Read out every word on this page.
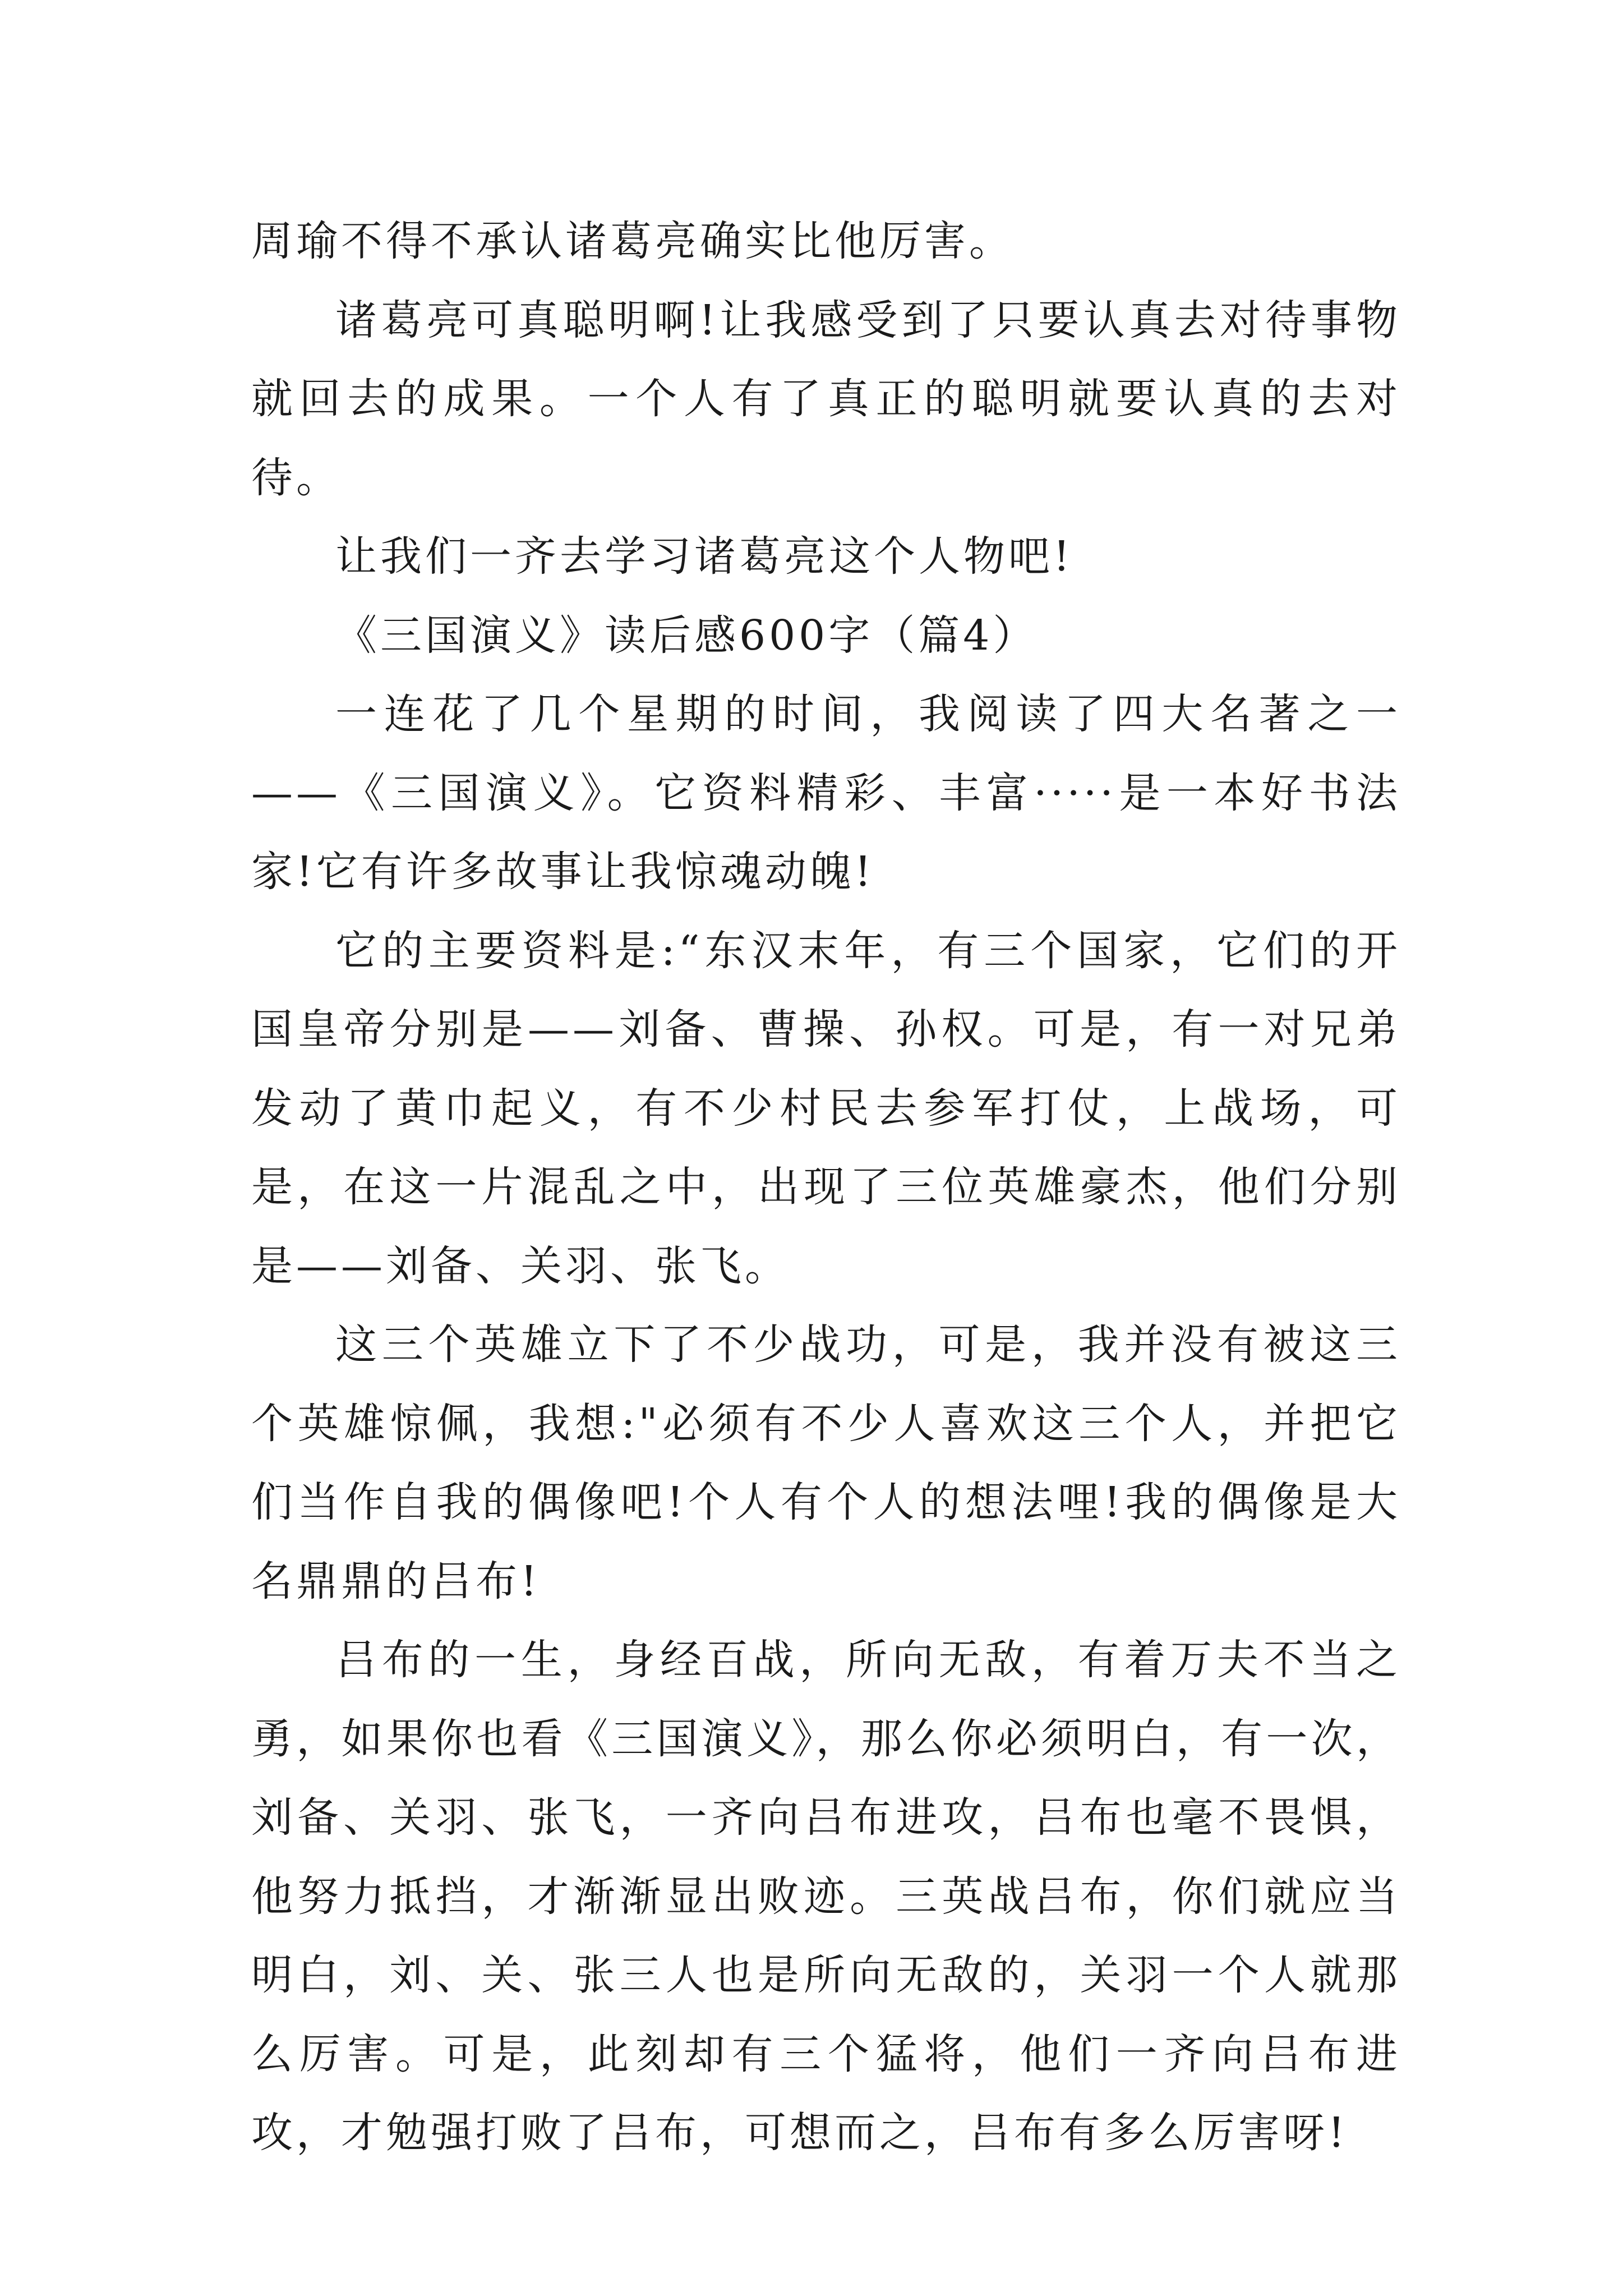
周瑜不得不承认诸葛亮确实比他厉害。

诸葛亮可真聪明啊!让我感受到了只要认真去对待事物就回去的成果。一个人有了真正的聪明就要认真的去对待。

让我们一齐去学习诸葛亮这个人物吧!

《三国演义》读后感600字（篇4）

一连花了几个星期的时间，我阅读了四大名著之一——《三国演义》。它资料精彩、丰富·····是一本好书法家!它有许多故事让我惊魂动魄!

它的主要资料是:“东汉末年，有三个国家，它们的开国皇帝分别是——刘备、曹操、孙权。可是，有一对兄弟发动了黄巾起义，有不少村民去参军打仗，上战场，可是，在这一片混乱之中，出现了三位英雄豪杰，他们分别是——刘备、关羽、张飞。

这三个英雄立下了不少战功，可是，我并没有被这三个英雄惊佩，我想:"必须有不少人喜欢这三个人，并把它们当作自我的偶像吧!个人有个人的想法哩!我的偶像是大名鼎鼎的吕布!

吕布的一生，身经百战，所向无敌，有着万夫不当之勇，如果你也看《三国演义》，那么你必须明白，有一次，刘备、关羽、张飞，一齐向吕布进攻，吕布也毫不畏惧，他努力抵挡，才渐渐显出败迹。三英战吕布，你们就应当明白，刘、关、张三人也是所向无敌的，关羽一个人就那么厉害。可是，此刻却有三个猛将，他们一齐向吕布进攻，才勉强打败了吕布，可想而之，吕布有多么厉害呀!
